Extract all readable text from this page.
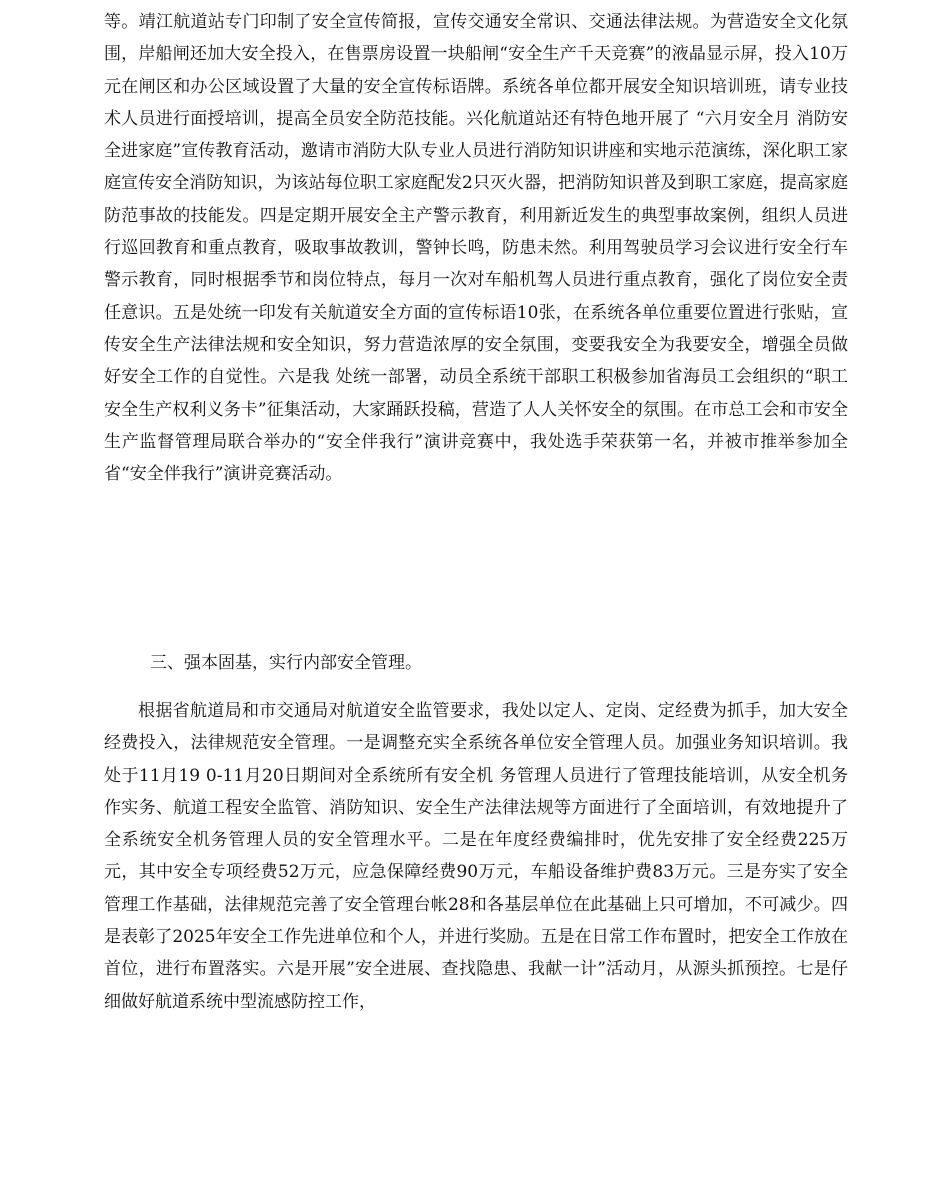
等。靖江航道站专门印制了安全宣传简报，宣传交通安全常识、交通法律法规。为营造安全文化氛围，岸船闸还加大安全投入，在售票房设置一块船闸“安全生产千天竞赛”的液晶显示屏，投入10万元在闸区和办公区域设置了大量的安全宣传标语牌。系统各单位都开展安全知识培训班，请专业技术人员进行面授培训，提高全员安全防范技能。兴化航道站还有特色地开展了 “六月安全月 消防安全进家庭”宣传教育活动，邀请市消防大队专业人员进行消防知识讲座和实地示范演练，深化职工家庭宣传安全消防知识，为该站每位职工家庭配发2只灭火器，把消防知识普及到职工家庭，提高家庭防范事故的技能发。四是定期开展安全主产警示教育，利用新近发生的典型事故案例，组织人员进行巡回教育和重点教育，吸取事故教训，警钟长鸣，防患未然。利用驾驶员学习会议进行安全行车警示教育，同时根据季节和岗位特点，每月一次对车船机驾人员进行重点教育，强化了岗位安全责任意识。五是处统一印发有关航道安全方面的宣传标语10张，在系统各单位重要位置进行张贴，宣传安全生产法律法规和安全知识，努力营造浓厚的安全氛围，变要我安全为我要安全，增强全员做好安全工作的自觉性。六是我 处统一部署，动员全系统干部职工积极参加省海员工会组织的“职工安全生产权利义务卡”征集活动，大家踊跃投稿，营造了人人关怀安全的氛围。在市总工会和市安全生产监督管理局联合举办的“安全伴我行”演讲竞赛中，我处选手荣获第一名，并被市推举参加全省“安全伴我行”演讲竞赛活动。

三、强本固基，实行内部安全管理。

根据省航道局和市交通局对航道安全监管要求，我处以定人、定岗、定经费为抓手，加大安全经费投入，法律规范安全管理。一是调整充实全系统各单位安全管理人员。加强业务知识培训。我处于11月19 0-11月20日期间对全系统所有安全机 务管理人员进行了管理技能培训，从安全机务 作实务、航道工程安全监管、消防知识、安全生产法律法规等方面进行了全面培训，有效地提升了全系统安全机务管理人员的安全管理水平。二是在年度经费编排时，优先安排了安全经费225万元，其中安全专项经费52万元，应急保障经费90万元，车船设备维护费83万元。三是夯实了安全管理工作基础，法律规范完善了安全管理台帐28和各基层单位在此基础上只可增加，不可减少。四是表彰了2025年安全工作先进单位和个人，并进行奖励。五是在日常工作布置时，把安全工作放在首位，进行布置落实。六是开展”安全进展、查找隐患、我献一计”活动月，从源头抓预控。七是仔细做好航道系统中型流感防控工作，
